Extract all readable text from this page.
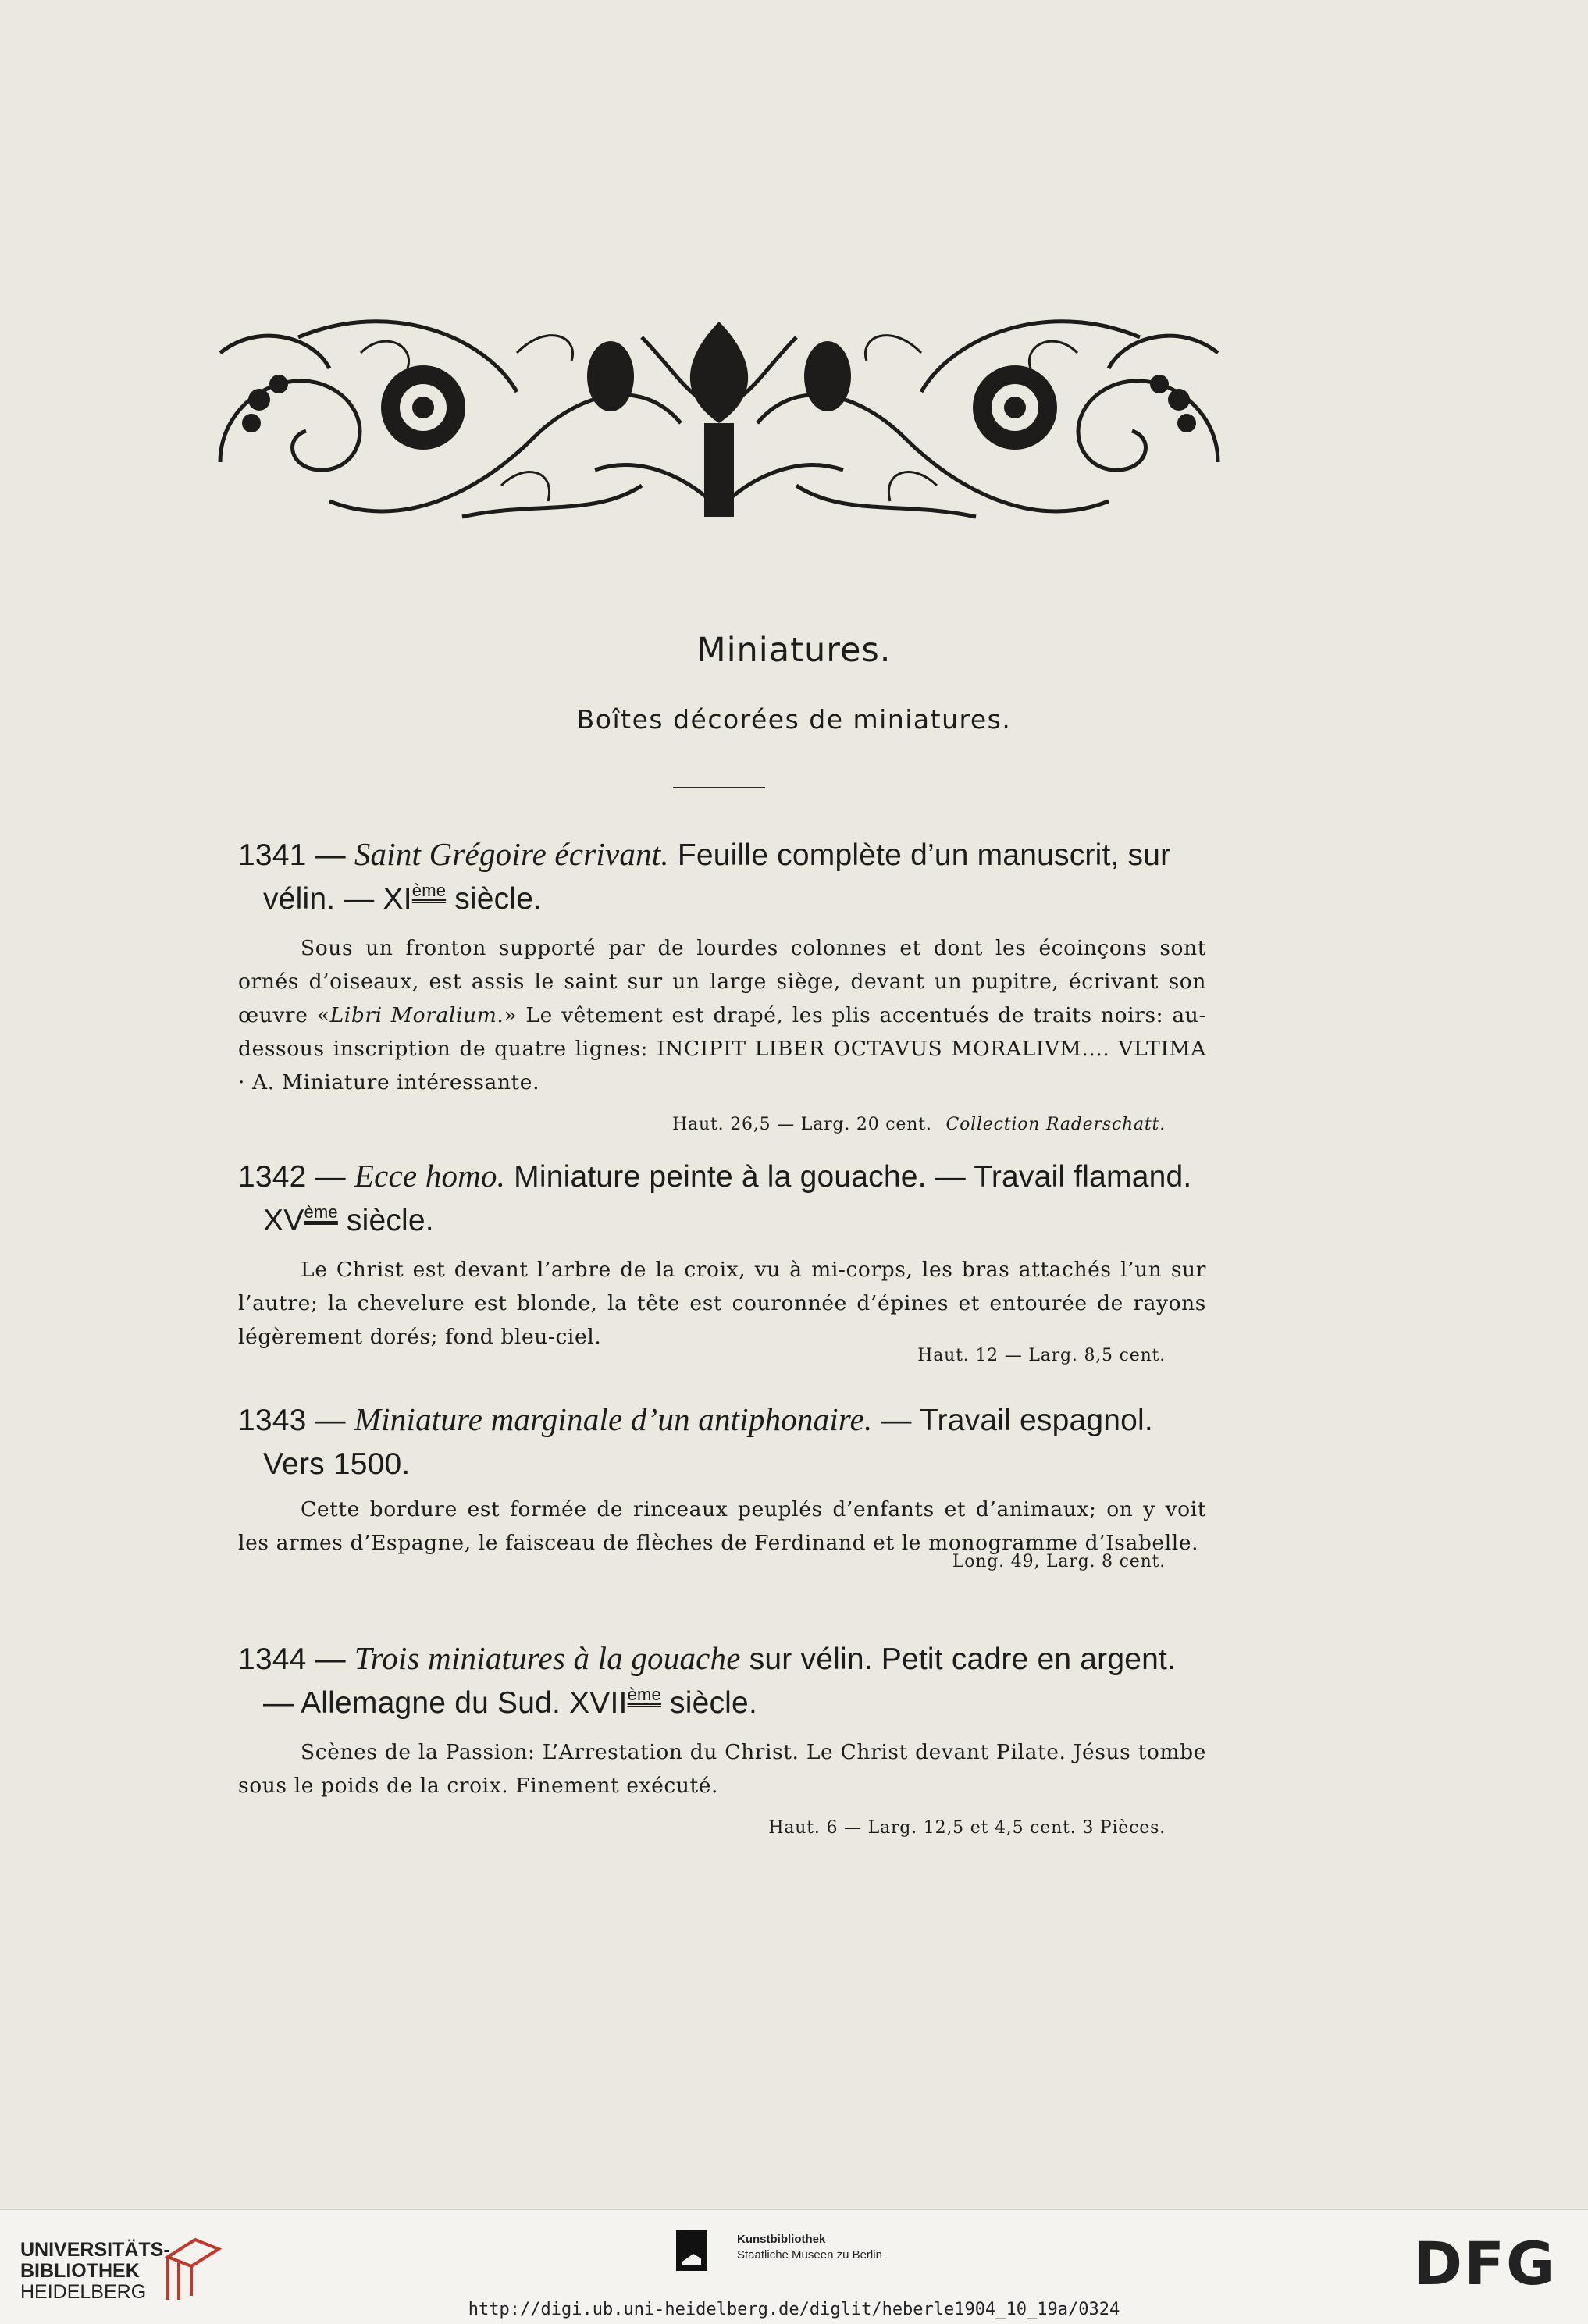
Miniatures.
Boîtes décorées de miniatures.
1341 — Saint Grégoire écrivant. Feuille complète d’un manuscrit, sur
vélin. — XIème siècle.
Sous un fronton supporté par de lourdes colonnes et dont les écoinçons sont ornés d’oiseaux, est assis le saint sur un large siège, devant un pupitre, écrivant son œuvre «Libri Moralium.» Le vêtement est drapé, les plis accentués de traits noirs: au-dessous inscription de quatre lignes: INCIPIT LIBER OCTAVUS MORALIVM.... VLTIMA · A. Miniature intéressante.
Haut. 26,5 — Larg. 20 cent. Collection Raderschatt.
1342 — Ecce homo. Miniature peinte à la gouache. — Travail flamand.
XVème siècle.
Le Christ est devant l’arbre de la croix, vu à mi-corps, les bras attachés l’un sur l’autre; la chevelure est blonde, la tête est couronnée d’épines et entourée de rayons légèrement dorés; fond bleu-ciel.
Haut. 12 — Larg. 8,5 cent.
1343 — Miniature marginale d’un antiphonaire. — Travail espagnol.
Vers 1500.
Cette bordure est formée de rinceaux peuplés d’enfants et d’animaux; on y voit les armes d’Espagne, le faisceau de flèches de Ferdinand et le monogramme d’Isabelle.
Long. 49, Larg. 8 cent.
1344 — Trois miniatures à la gouache sur vélin. Petit cadre en argent.
— Allemagne du Sud. XVIIème siècle.
Scènes de la Passion: L’Arrestation du Christ. Le Christ devant Pilate. Jésus tombe sous le poids de la croix. Finement exécuté.
Haut. 6 — Larg. 12,5 et 4,5 cent. 3 Pièces.
UNIVERSITÄTS-
BIBLIOTHEK
HEIDELBERG
Kunstbibliothek
Staatliche Museen zu Berlin	DFG
http://digi.ub.uni-heidelberg.de/diglit/heberle1904_10_19a/0324
